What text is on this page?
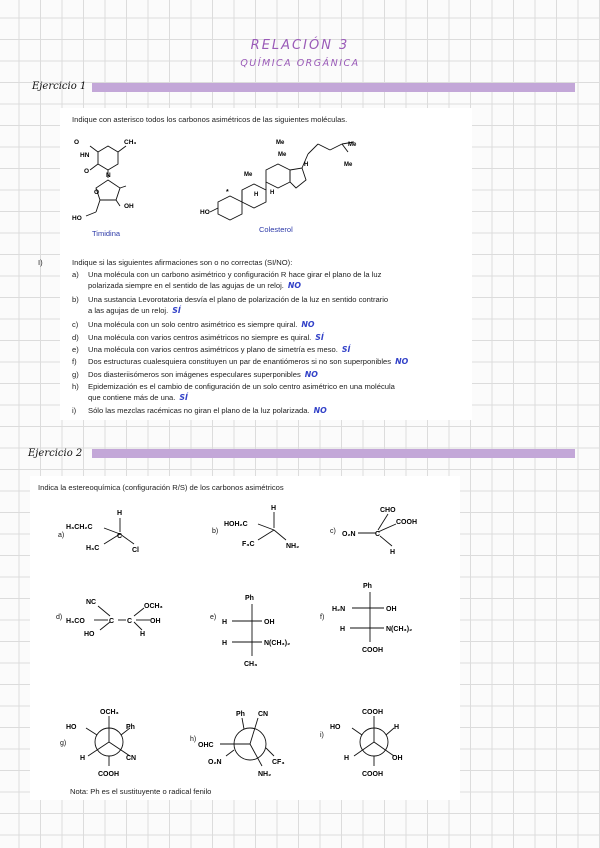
RELACIÓN 3
QUÍMICA ORGÁNICA
Ejercicio 1
Indique con asterisco todos los carbonos asimétricos de las siguientes moléculas.
O
HN
O
N
CH₃
O
OH
HO
Timidina
HO
Me
Me
Me
Me
Me
H
H
H
*
Colesterol
I)	Indique si las siguientes afirmaciones son o no correctas (SI/NO):
a) Una molécula con un carbono asimétrico y configuración R hace girar el plano de la luz
polarizada siempre en el sentido de las agujas de un reloj. NO
b) Una sustancia Levorotatoria desvía el plano de polarización de la luz en sentido contrario
a las agujas de un reloj. SÍ
c) Una molécula con un solo centro asimétrico es siempre quiral. NO
d) Una molécula con varios centros asimétricos no siempre es quiral. SÍ
e) Una molécula con varios centros asimétricos y plano de simetría es meso. SÍ
f) Dos estructuras cualesquiera constituyen un par de enantiómeros si no son superponibles NO
g) Dos diasteriisómeros son imágenes especulares superponibles NO
h) Epidemización es el cambio de configuración de un solo centro asimétrico en una molécula
que contiene más de una. SÍ
i) Sólo las mezclas racémicas no giran el plano de la luz polarizada. NO
Ejercicio 2
Indica la estereoquímica (configuración R/S) de los carbonos asimétricos
a)
H
H₃CH₂C
H₃C
C
Cl
b)
H
HOH₂C
F₃C	NH₂
c)
CHO
COOH
O₂N	C
H
d)
NC
H₃CO
HO
C C
OCH₃
OH
H
e)
Ph
H	OH
H	N(CH₃)₂
CH₃
f)
Ph
H₂N	OH
H	N(CH₃)₂
COOH
g)
OCH₃
HO	Ph
H	CN
COOH
h)
Ph CN
OHC
O₂N	CF₃
NH₂
i)
COOH
HO	H
H	OH
COOH
Nota: Ph es el sustituyente o radical fenilo
